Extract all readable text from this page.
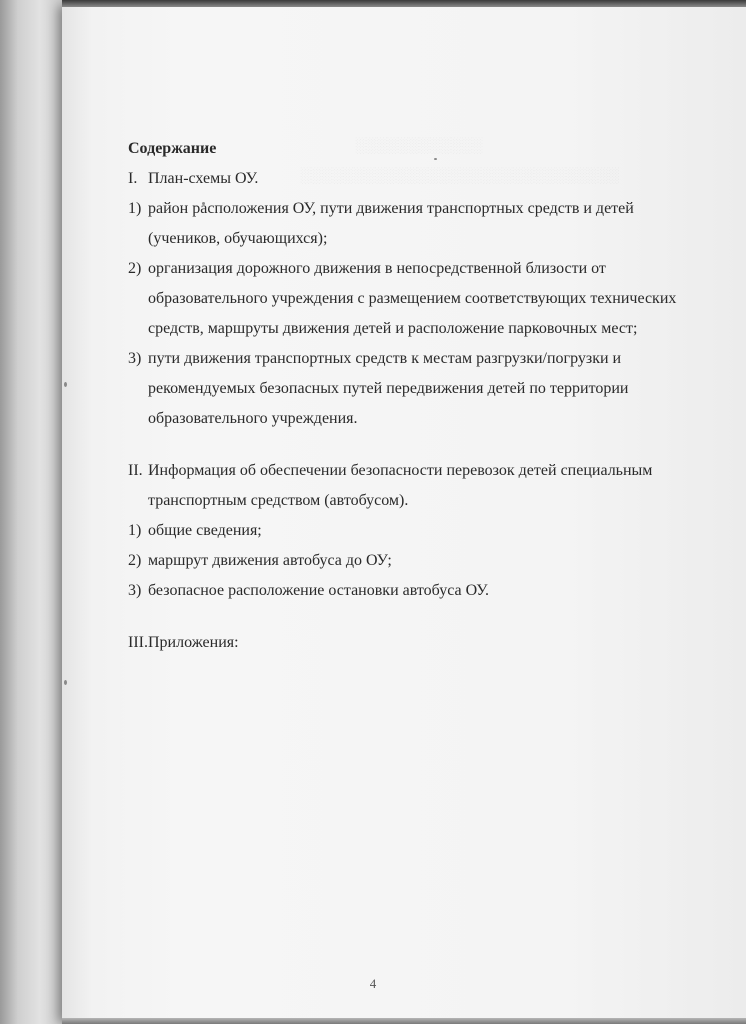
░░░░░░░░░░░░
░░░░░░░░░░░░░░░░░░░░░░░░░░░░░░
Содержание
I. План-схемы ОУ.
1) район расположения ОУ, пути движения транспортных средств и детей (учеников, обучающихся);
2) организация дорожного движения в непосредственной близости от образовательного учреждения с размещением соответствующих технических средств, маршруты движения детей и расположение парковочных мест;
3) пути движения транспортных средств к местам разгрузки/погрузки и рекомендуемых безопасных путей передвижения детей по территории образовательного учреждения.
II. Информация об обеспечении безопасности перевозок детей специальным транспортным средством (автобусом).
1) общие сведения;
2) маршрут движения автобуса до ОУ;
3) безопасное расположение остановки автобуса ОУ.
III. Приложения:
4
